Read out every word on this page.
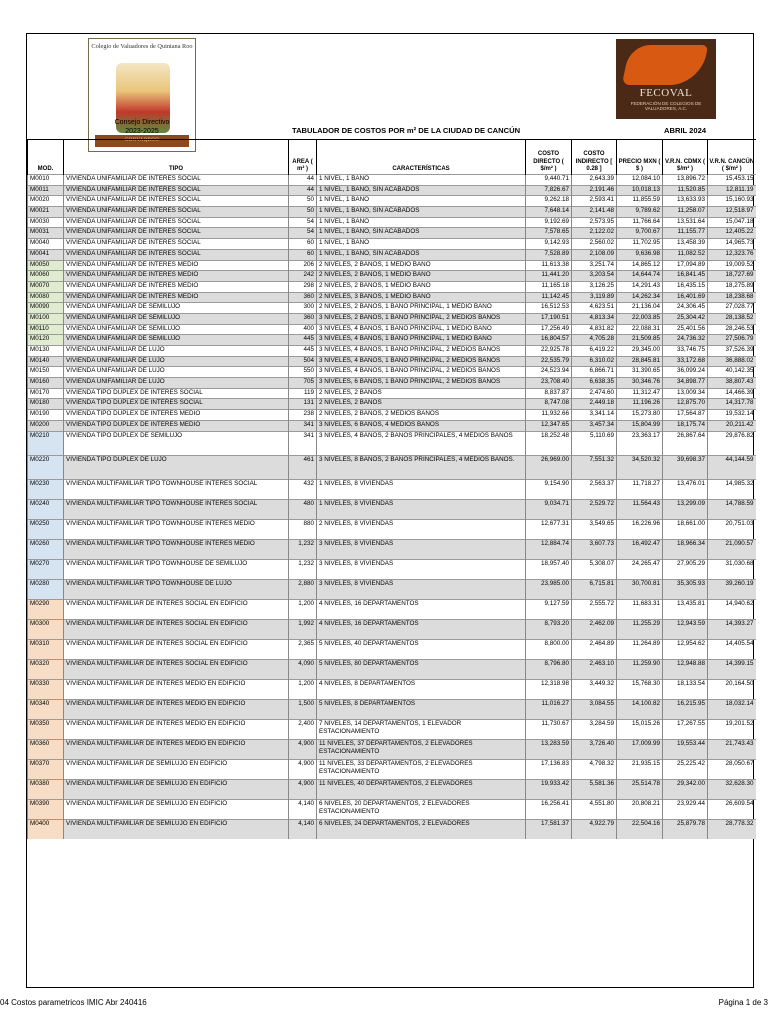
Colegio de Valuadores de Quintana Roo
CONVAQROO
Consejo Directivo
2023-2025	TABULADOR DE COSTOS POR m² DE LA CIUDAD DE CANCÚN	ABRIL 2024
FECOVAL
FEDERACIÓN DE COLEGIOS DE VALUADORES, A.C.
MOD.	TIPO	AREA ( m² )	CARACTERÍSTICAS	COSTO DIRECTO ( $/m² )	COSTO INDIRECTO [ 0.28 ]	PRECIO MXN ( $ )	V.R.N. CDMX ( $/m² )	V.R.N. CANCÚN ( $/m² )
M0010	VIVIENDA UNIFAMILIAR DE INTERES SOCIAL	44	1 NIVEL, 1 BAÑO	9,440.71	2,643.39	12,084.10	13,896.72	15,453.15
M0011	VIVIENDA UNIFAMILIAR DE INTERES SOCIAL	44	1 NIVEL, 1 BAÑO, SIN ACABADOS	7,826.67	2,191.46	10,018.13	11,520.85	12,811.19
M0020	VIVIENDA UNIFAMILIAR DE INTERES SOCIAL	50	1 NIVEL, 1 BAÑO	9,262.18	2,593.41	11,855.59	13,633.93	15,160.93
M0021	VIVIENDA UNIFAMILIAR DE INTERES SOCIAL	50	1 NIVEL, 1 BAÑO, SIN ACABADOS	7,648.14	2,141.48	9,789.62	11,258.07	12,518.97
M0030	VIVIENDA UNIFAMILIAR DE INTERES SOCIAL	54	1 NIVEL, 1 BAÑO	9,192.69	2,573.95	11,766.64	13,531.64	15,047.18
M0031	VIVIENDA UNIFAMILIAR DE INTERES SOCIAL	54	1 NIVEL, 1 BAÑO, SIN ACABADOS	7,578.65	2,122.02	9,700.67	11,155.77	12,405.22
M0040	VIVIENDA UNIFAMILIAR DE INTERES SOCIAL	60	1 NIVEL, 1 BAÑO	9,142.93	2,560.02	11,702.95	13,458.39	14,965.73
M0041	VIVIENDA UNIFAMILIAR DE INTERES SOCIAL	60	1 NIVEL, 1 BAÑO, SIN ACABADOS	7,528.89	2,108.09	9,636.98	11,082.52	12,323.76
M0050	VIVIENDA UNIFAMILIAR DE INTERES MEDIO	206	2 NIVELES, 2 BAÑOS, 1 MEDIO BAÑO	11,613.38	3,251.74	14,865.12	17,094.89	19,009.52
M0060	VIVIENDA UNIFAMILIAR DE INTERES MEDIO	242	2 NIVELES, 2 BAÑOS, 1 MEDIO BAÑO	11,441.20	3,203.54	14,644.74	16,841.45	18,727.69
M0070	VIVIENDA UNIFAMILIAR DE INTERES MEDIO	298	2 NIVELES, 2 BAÑOS, 1 MEDIO BAÑO	11,165.18	3,126.25	14,291.43	16,435.15	18,275.89
M0080	VIVIENDA UNIFAMILIAR DE INTERES MEDIO	360	2 NIVELES, 3 BAÑOS, 1 MEDIO BAÑO	11,142.45	3,119.89	14,262.34	16,401.69	18,238.68
M0090	VIVIENDA UNIFAMILIAR DE SEMILUJO	300	2 NIVELES, 2 BAÑOS, 1 BAÑO PRINCIPAL, 1 MEDIO BAÑO	16,512.53	4,623.51	21,136.04	24,306.45	27,028.77
M0100	VIVIENDA UNIFAMILIAR DE SEMILUJO	360	3 NIVELES, 2 BAÑOS, 1 BAÑO PRINCIPAL, 2 MEDIOS BAÑOS	17,190.51	4,813.34	22,003.85	25,304.42	28,138.52
M0110	VIVIENDA UNIFAMILIAR DE SEMILUJO	400	3 NIVELES, 4 BAÑOS, 1 BAÑO PRINCIPAL, 1 MEDIO BAÑO	17,256.49	4,831.82	22,088.31	25,401.56	28,246.53
M0120	VIVIENDA UNIFAMILIAR DE SEMILUJO	445	3 NIVELES, 4 BAÑOS, 1 BAÑO PRINCIPAL, 1 MEDIO BAÑO	16,804.57	4,705.28	21,509.85	24,736.32	27,506.79
M0130	VIVIENDA UNIFAMILIAR DE LUJO	445	3 NIVELES, 4 BAÑOS, 1 BAÑO PRINCIPAL, 2 MEDIOS BAÑOS	22,925.78	6,419.22	29,345.00	33,746.75	37,526.39
M0140	VIVIENDA UNIFAMILIAR DE LUJO	504	3 NIVELES, 4 BAÑOS, 1 BAÑO PRINCIPAL, 2 MEDIOS BAÑOS	22,535.79	6,310.02	28,845.81	33,172.68	36,888.02
M0150	VIVIENDA UNIFAMILIAR DE LUJO	550	3 NIVELES, 4 BAÑOS, 1 BAÑO PRINCIPAL, 2 MEDIOS BAÑOS	24,523.94	6,866.71	31,390.65	36,099.24	40,142.35
M0160	VIVIENDA UNIFAMILIAR DE LUJO	705	3 NIVELES, 6 BAÑOS, 1 BAÑO PRINCIPAL, 2 MEDIOS BAÑOS	23,708.40	6,638.35	30,346.76	34,898.77	38,807.43
M0170	VIVIENDA TIPO DUPLEX DE INTERES SOCIAL	119	2 NIVELES, 2 BAÑOS	8,837.87	2,474.60	11,312.47	13,009.34	14,466.39
M0180	VIVIENDA TIPO DUPLEX DE INTERES SOCIAL	131	2 NIVELES, 2 BAÑOS	8,747.08	2,449.18	11,196.26	12,875.70	14,317.78
M0190	VIVIENDA TIPO DUPLEX DE INTERES MEDIO	238	2 NIVELES, 2 BAÑOS, 2 MEDIOS BAÑOS	11,932.66	3,341.14	15,273.80	17,564.87	19,532.14
M0200	VIVIENDA TIPO DUPLEX DE INTERES MEDIO	341	3 NIVELES, 6 BAÑOS, 4 MEDIOS BAÑOS	12,347.65	3,457.34	15,804.99	18,175.74	20,211.42
M0210	VIVIENDA TIPO DUPLEX DE SEMILUJO	341	3 NIVELES, 4 BAÑOS, 2 BAÑOS PRINCIPALES, 4 MEDIOS BAÑOS	18,252.48	5,110.69	23,363.17	26,867.64	29,876.82
M0220	VIVIENDA TIPO DUPLEX DE LUJO	461	3 NIVELES, 8 BAÑOS, 2 BAÑOS PRINCIPALES, 4 MEDIOS BAÑOS.	26,969.00	7,551.32	34,520.32	39,698.37	44,144.59
M0230	VIVIENDA MULTIFAMILIAR TIPO TOWNHOUSE INTERES SOCIAL	432	1 NIVELES, 8 VIVIENDAS	9,154.90	2,563.37	11,718.27	13,476.01	14,985.32
M0240	VIVIENDA MULTIFAMILIAR TIPO TOWNHOUSE INTERES SOCIAL	480	1 NIVELES, 8 VIVIENDAS	9,034.71	2,529.72	11,564.43	13,299.09	14,788.59
M0250	VIVIENDA MULTIFAMILIAR TIPO TOWNHOUSE INTERES MEDIO	880	2 NIVELES, 8 VIVIENDAS	12,677.31	3,549.65	16,226.96	18,661.00	20,751.03
M0260	VIVIENDA MULTIFAMILIAR TIPO TOWNHOUSE INTERES MEDIO	1,232	3 NIVELES, 8 VIVIENDAS	12,884.74	3,607.73	16,492.47	18,966.34	21,090.57
M0270	VIVIENDA MULTIFAMILIAR TIPO TOWNHOUSE DE SEMILUJO	1,232	3 NIVELES, 8 VIVIENDAS	18,957.40	5,308.07	24,265.47	27,905.29	31,030.68
M0280	VIVIENDA MULTIFAMILIAR TIPO TOWNHOUSE DE LUJO	2,880	3 NIVELES, 8 VIVIENDAS	23,985.00	6,715.81	30,700.81	35,305.93	39,260.19
M0290	VIVIENDA MULTIFAMILIAR DE INTERES SOCIAL EN EDIFICIO	1,200	4 NIVELES, 16 DEPARTAMENTOS	9,127.59	2,555.72	11,683.31	13,435.81	14,940.62
M0300	VIVIENDA MULTIFAMILIAR DE INTERES SOCIAL EN EDIFICIO	1,992	4 NIVELES, 16 DEPARTAMENTOS	8,793.20	2,462.09	11,255.29	12,943.59	14,393.27
M0310	VIVIENDA MULTIFAMILIAR DE INTERES SOCIAL EN EDIFICIO	2,365	5 NIVELES, 40 DEPARTAMENTOS	8,800.00	2,464.89	11,264.89	12,954.62	14,405.54
M0320	VIVIENDA MULTIFAMILIAR DE INTERES SOCIAL EN EDIFICIO	4,090	5 NIVELES, 80 DEPARTAMENTOS	8,796.80	2,463.10	11,259.90	12,948.88	14,399.15
M0330	VIVIENDA MULTIFAMILIAR DE INTERES MEDIO EN EDIFICIO	1,200	4 NIVELES, 8 DEPARTAMENTOS	12,318.98	3,449.32	15,768.30	18,133.54	20,164.50
M0340	VIVIENDA MULTIFAMILIAR DE INTERES MEDIO EN EDIFICIO	1,500	5 NIVELES, 8 DEPARTAMENTOS	11,016.27	3,084.55	14,100.82	16,215.95	18,032.14
M0350	VIVIENDA MULTIFAMILIAR DE INTERES MEDIO EN EDIFICIO	2,400	7 NIVELES, 14 DEPARTAMENTOS, 1 ELEVADOR ESTACIONAMIENTO	11,730.67	3,284.59	15,015.26	17,267.55	19,201.52
M0360	VIVIENDA MULTIFAMILIAR DE INTERES MEDIO EN EDIFICIO	4,900	11 NIVELES, 37 DEPARTAMENTOS, 2 ELEVADORES ESTACIONAMIENTO	13,283.59	3,726.40	17,009.99	19,553.44	21,743.43
M0370	VIVIENDA MULTIFAMILIAR DE SEMILUJO EN EDIFICIO	4,900	11 NIVELES, 33 DEPARTAMENTOS, 2 ELEVADORES ESTACIONAMIENTO	17,136.83	4,798.32	21,935.15	25,225.42	28,050.67
M0380	VIVIENDA MULTIFAMILIAR DE SEMILUJO EN EDIFICIO	4,900	11 NIVELES, 40 DEPARTAMENTOS, 2 ELEVADORES	19,933.42	5,581.36	25,514.78	29,342.00	32,628.30
M0390	VIVIENDA MULTIFAMILIAR DE SEMILUJO EN EDIFICIO	4,140	6 NIVELES, 20 DEPARTAMENTOS, 2 ELEVADORES ESTACIONAMIENTO	16,256.41	4,551.80	20,808.21	23,929.44	26,609.54
M0400	VIVIENDA MULTIFAMILIAR DE SEMILUJO EN EDIFICIO	4,140	6 NIVELES, 24 DEPARTAMENTOS, 2 ELEVADORES	17,581.37	4,922.79	22,504.16	25,879.78	28,778.32
04 Costos parametricos IMIC Abr 240416	Página 1 de 3
